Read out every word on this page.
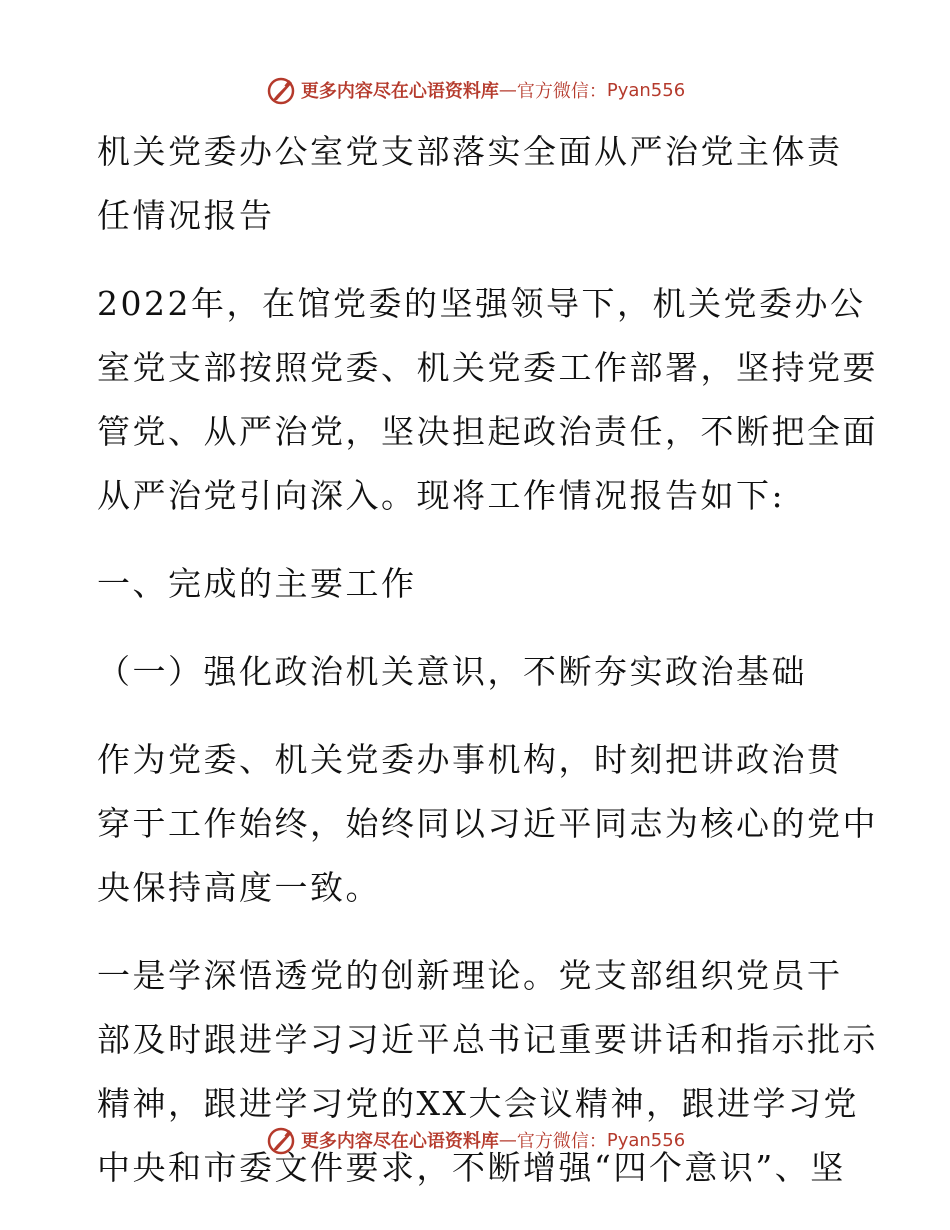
更多内容尽在心语资料库 — 官方微信： Pyan556

机关党委办公室党支部落实全面从严治党主体责

任情况报告

2022年，在馆党委的坚强领导下，机关党委办公

室党支部按照党委、机关党委工作部署，坚持党要

管党、从严治党，坚决担起政治责任，不断把全面

从严治党引向深入。现将工作情况报告如下:

一、完成的主要工作

（一）强化政治机关意识，不断夯实政治基础

作为党委、机关党委办事机构，时刻把讲政治贯

穿于工作始终，始终同以习近平同志为核心的党中

央保持高度一致。

一是学深悟透党的创新理论。党支部组织党员干

部及时跟进学习习近平总书记重要讲话和指示批示

精神，跟进学习党的XX大会议精神，跟进学习党

中央和市委文件要求，不断增强“四个意识”、坚

更多内容尽在心语资料库 — 官方微信： Pyan556
